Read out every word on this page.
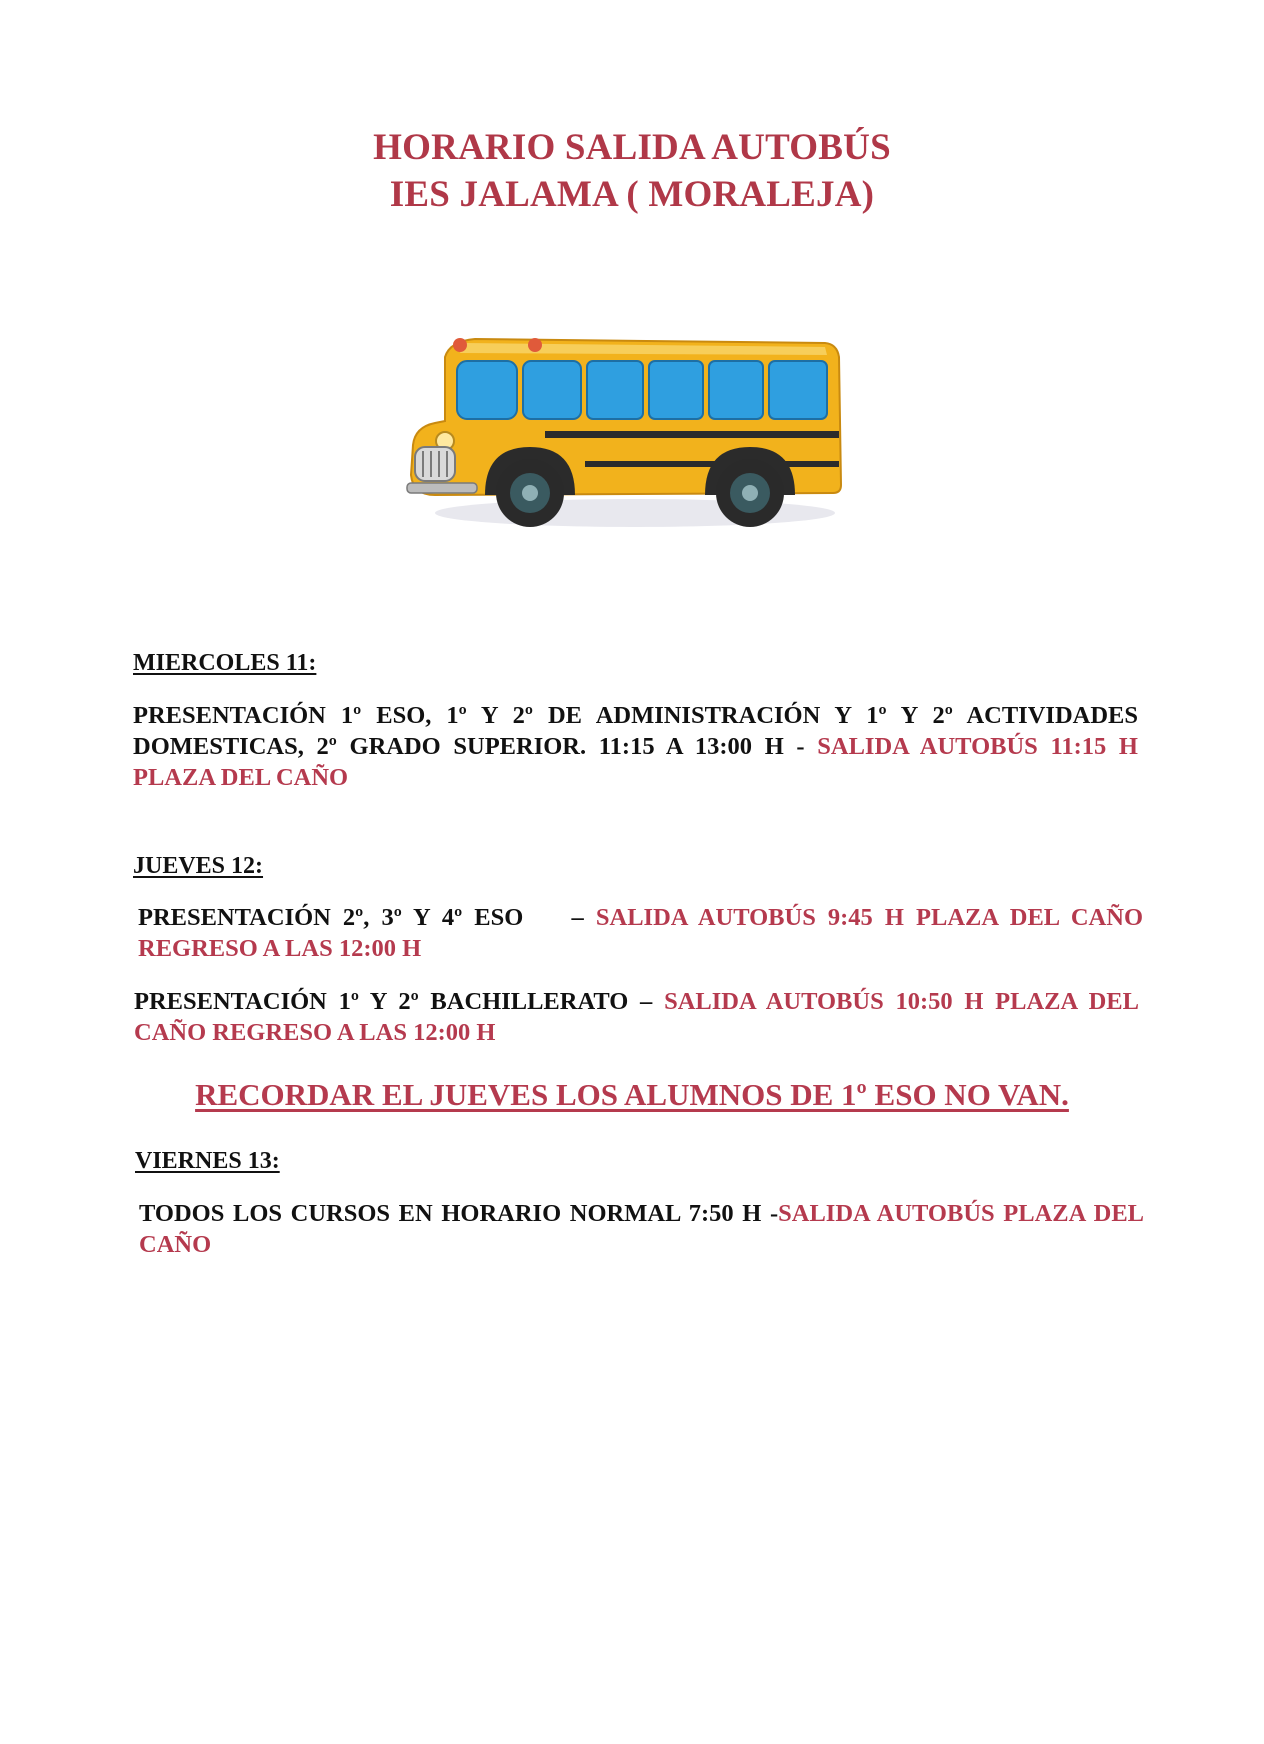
HORARIO SALIDA AUTOBÚS
IES JALAMA ( MORALEJA)
MIERCOLES 11:
PRESENTACIÓN 1º ESO, 1º Y 2º DE ADMINISTRACIÓN Y 1º Y 2º ACTIVIDADES DOMESTICAS, 2º GRADO SUPERIOR. 11:15 A 13:00 H - SALIDA AUTOBÚS 11:15 H PLAZA DEL CAÑO
JUEVES 12:
PRESENTACIÓN 2º, 3º Y 4º ESO    – SALIDA AUTOBÚS 9:45 H PLAZA DEL CAÑO REGRESO A LAS 12:00 H
PRESENTACIÓN 1º Y 2º BACHILLERATO – SALIDA AUTOBÚS 10:50 H PLAZA DEL CAÑO REGRESO A LAS 12:00 H
RECORDAR EL JUEVES LOS ALUMNOS DE 1º ESO NO VAN.
VIERNES 13:
TODOS LOS CURSOS EN HORARIO NORMAL 7:50 H -SALIDA AUTOBÚS PLAZA DEL CAÑO
